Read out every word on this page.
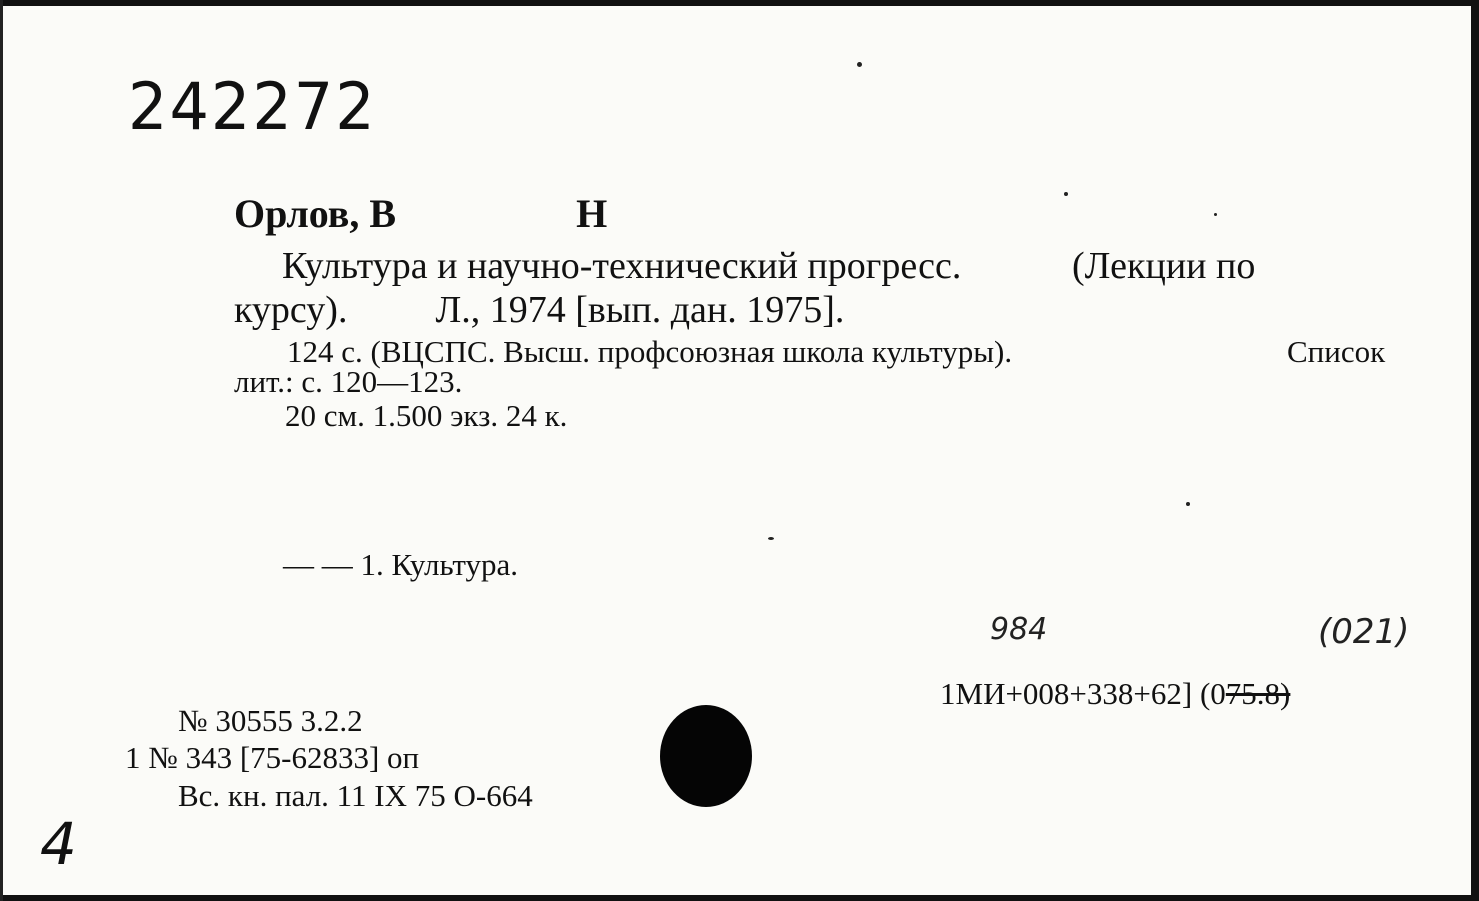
242272
Орлов, В	Н
Культура и научно-технический прогресс.	(Лекции по
курсу). Л., 1974 [вып. дан. 1975].
124 с. (ВЦСПС. Высш. профсоюзная школа культуры).	Список
лит.: с. 120—123.
20 см. 1.500 экз. 24 к.
— — 1. Культура.
984	(021)
1МИ+008+338+62] (075.8)
№ 30555 3.2.2
1 № 343 [75-62833] оп
Вс. кн. пал. 11 IX 75 О-664
4
